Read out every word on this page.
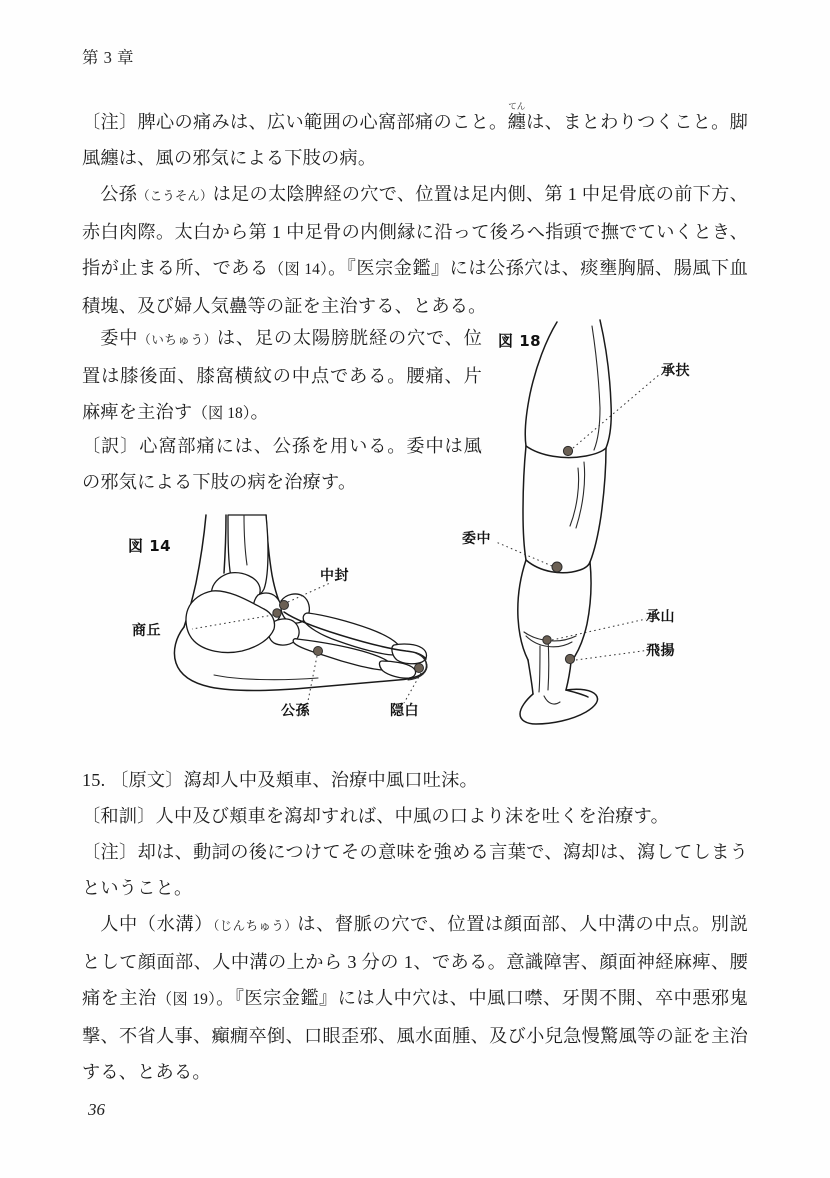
第 3 章
〔注〕脾心の痛みは、広い範囲の心窩部痛のこと。
てん
纏は、まとわりつくこと。脚風纏は、風の邪気による下肢の病。
公孫（こうそん）は足の太陰脾経の穴で、位置は足内側、第 1 中足骨底の前下方、赤白肉際。太白から第 1 中足骨の内側縁に沿って後ろへ指頭で撫でていくとき、指が止まる所、である（図 14）。『医宗金鑑』には公孫穴は、痰壅胸膈、腸風下血積塊、及び婦人気蠱等の証を主治する、とある。
委中（いちゅう）は、足の太陽膀胱経の穴で、位置は膝後面、膝窩横紋の中点である。腰痛、片麻痺を主治す（図 18）。
〔訳〕心窩部痛には、公孫を用いる。委中は風の邪気による下肢の病を治療す。
図 14
中封
商丘
公孫	隠白
図 18
承扶
委中
承山
飛揚
15. 〔原文〕瀉却人中及頬車、治療中風口吐沫。
〔和訓〕人中及び頬車を瀉却すれば、中風の口より沫を吐くを治療す。
〔注〕却は、動詞の後につけてその意味を強める言葉で、瀉却は、瀉してしまうということ。
人中（水溝）（じんちゅう）は、督脈の穴で、位置は顔面部、人中溝の中点。別説として顔面部、人中溝の上から 3 分の 1、である。意識障害、顔面神経麻痺、腰痛を主治（図 19）。『医宗金鑑』には人中穴は、中風口噤、牙関不開、卒中悪邪鬼撃、不省人事、癲癇卒倒、口眼歪邪、風水面腫、及び小兒急慢驚風等の証を主治する、とある。
36
